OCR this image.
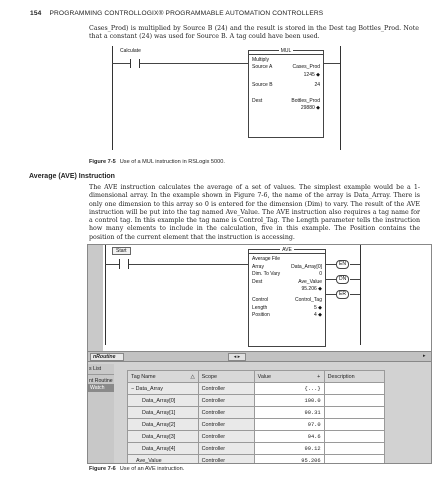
154 PROGRAMMING CONTROLLOGIX® PROGRAMMABLE AUTOMATION CONTROLLERS

Cases_Prod) is multiplied by Source B (24) and the result is stored in the Dest tag Bottles_Prod. Note that a constant (24) was used for Source B. A tag could have been used.

Calculate	MUL
Multiply
Source A	Cases_Prod
1245 ◆
Source B	24
Dest	Bottles_Prod
29880 ◆
Figure 7-5 Use of a MUL instruction in RSLogix 5000.
Average (AVE) Instruction

The AVE instruction calculates the average of a set of values. The simplest example would be a 1-dimensional array. In the example shown in Figure 7-6, the name of the array is Data_Array. There is only one dimension to this array so 0 is entered for the dimension (Dim) to vary. The result of the AVE instruction will be put into the tag named Ave_Value. The AVE instruction also requires a tag name for a control tag. In this example the tag name is Control_Tag. The Length parameter tells the instruction how many elements to include in the calculation, five in this example. The Position contains the position of the current element that the instruction is accessing.

Start	AVE
Average File
Array	Data_Array[0]
Dim. To Vary	0
Dest	Ave_Value
95.206 ◆
Control	Control_Tag
Length	5 ◆
Position	4 ◆
EN
DN
ER
nRoutine	◂ ▸	▸
s List
nt Routine
Watch
Tag Name	△	Scope	Value	+	Description
− Data_Array		Controller	{...}		
Data_Array[0]		Controller	100.0		
Data_Array[1]		Controller	90.31		
Data_Array[2]		Controller	97.0		
Data_Array[3]		Controller	94.6		
Data_Array[4]		Controller	99.12		
Ave_Value		Controller	95.206		
Figure 7-6 Use of an AVE instruction.
